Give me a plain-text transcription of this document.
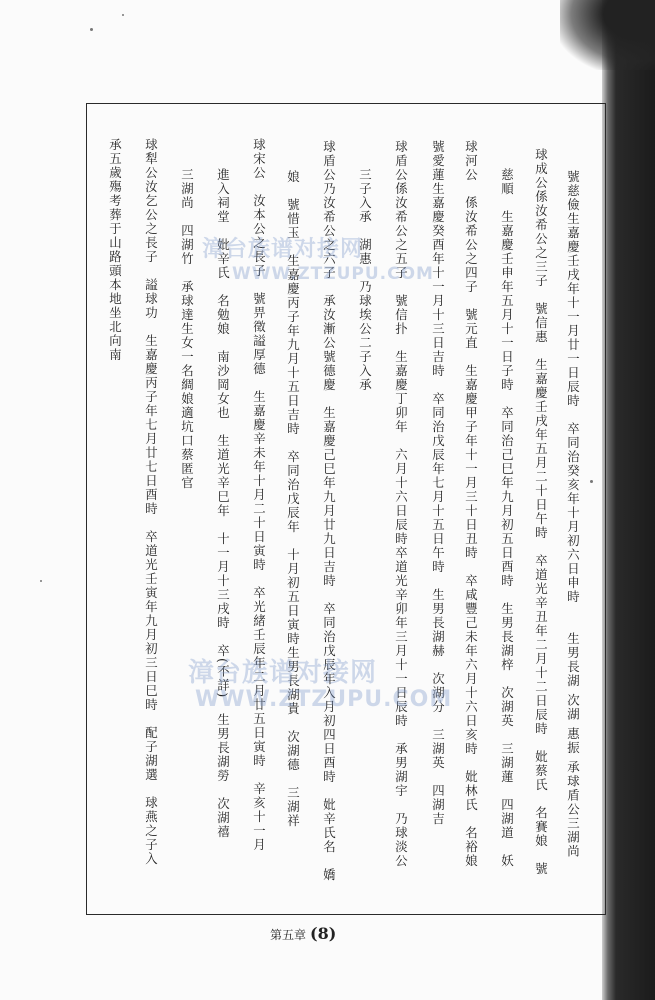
號慈儉生嘉慶壬戌年十一月廿一日辰時　卒同治癸亥年十月初六日申時　　生男長湖 次湖 惠振 承球盾公三湖尚
球成公係汝希公之三子　號信惠　生嘉慶壬戌年五月二十日午時　卒道光辛丑年二月十二日辰時　妣蔡氏　名賽娘　號
慈順　生嘉慶壬申年五月十一日子時　卒同治己巳年九月初五日酉時　生男長湖梓　次湖英　三湖蓮　四湖道　妖
球河公　係汝希公之四子　號元直　生嘉慶甲子年十一月三十日丑時　卒咸豐己未年六月十六日亥時　妣林氏　名裕娘
號愛蓮生嘉慶癸酉年十一月十三日吉時　卒同治戊辰年七月十五日午時　生男長湖赫　次湖分　三湖英　四湖吉
球盾公係汝希公之五子　號信扑　生嘉慶丁卯年　六月十六日辰時卒道光辛卯年三月十一日辰時　承男湖宇　乃球淡公
三子入承　湖惠　乃球埃公二子入承
球盾公乃汝希公之六子　承汝漸公號德慶　生嘉慶己巳年九月廿九日吉時　卒同治戊辰年入月初四日酉時　妣辛氏名　嬌
娘　號惜玉　生嘉慶丙子年九月十五日吉時　卒同治戊辰年　十月初五日寅時生男長湖貴　次湖德　三湖祥
球宋公　汝本公之長子　號畀徵謚厚德　生嘉慶辛未年十月二十日寅時　卒光緒壬辰年二月廿五日寅時　辛亥十一月
進入祠堂　妣辛氏　名勉娘　南沙岡女也　生道光辛巳年　十一月十三戌時　卒(不詳)　生男長湖勞　次湖禧
三湖尚　四湖竹　承球達生女一名綢娘適坑口蔡匿官
球犁公汝乞公之長子　謚球功　生嘉慶丙子年七月廿七日酉時　卒道光壬寅年九月初三日巳時　配子湖選　球燕之子入
承五歲殤考葬于山路頭本地坐北向南	漳台族谱对接网
WWW.ZTZUPU.COM
漳台族谱对接网
WWW.ZTZUPU.COM
第五章 (8)
